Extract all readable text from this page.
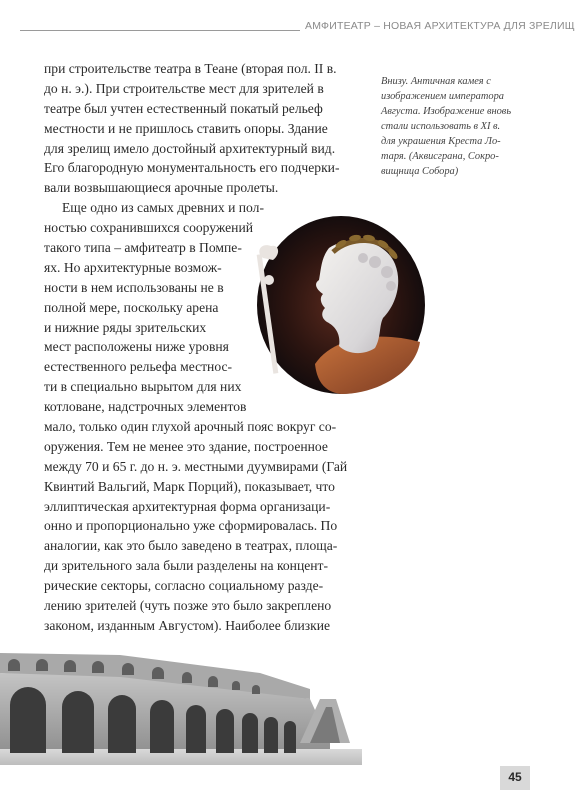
АМФИТЕАТР – НОВАЯ АРХИТЕКТУРА ДЛЯ ЗРЕЛИЩ
Внизу. Античная камея с
изображением императора
Августа. Изображение вновь
стали использовать в XI в.
для украшения Креста Ло-
таря. (Аквисграна, Сокро-
вищница Собора)
при строительстве театра в Теане (вторая пол. II в.
до н. э.). При строительстве мест для зрителей в
театре был учтен естественный покатый рельеф
местности и не пришлось ставить опоры. Здание
для зрелищ имело достойный архитектурный вид.
Его благородную монументальность его подчерки-
вали возвышающиеся арочные пролеты.
Еще одно из самых древних и пол-
ностью сохранившихся сооружений
такого типа – амфитеатр в Помпе-
ях. Но архитектурные возмож-
ности в нем использованы не в
полной мере, поскольку арена
и нижние ряды зрительских
мест расположены ниже уровня
естественного рельефа местнос-
ти в специально вырытом для них
котловане, надстрочных элементов
мало, только один глухой арочный пояс вокруг со-
оружения. Тем не менее это здание, построенное
между 70 и 65 г. до н. э. местными дуумвирами (Гай
Квинтий Вальгий, Марк Порций), показывает, что
эллиптическая архитектурная форма организаци-
онно и пропорционально уже сформировалась. По
аналогии, как это было заведено в театрах, площа-
ди зрительного зала были разделены на концент-
рические секторы, согласно социальному разде-
лению зрителей (чуть позже это было закреплено
законом, изданным Августом). Наиболее близкие
45
